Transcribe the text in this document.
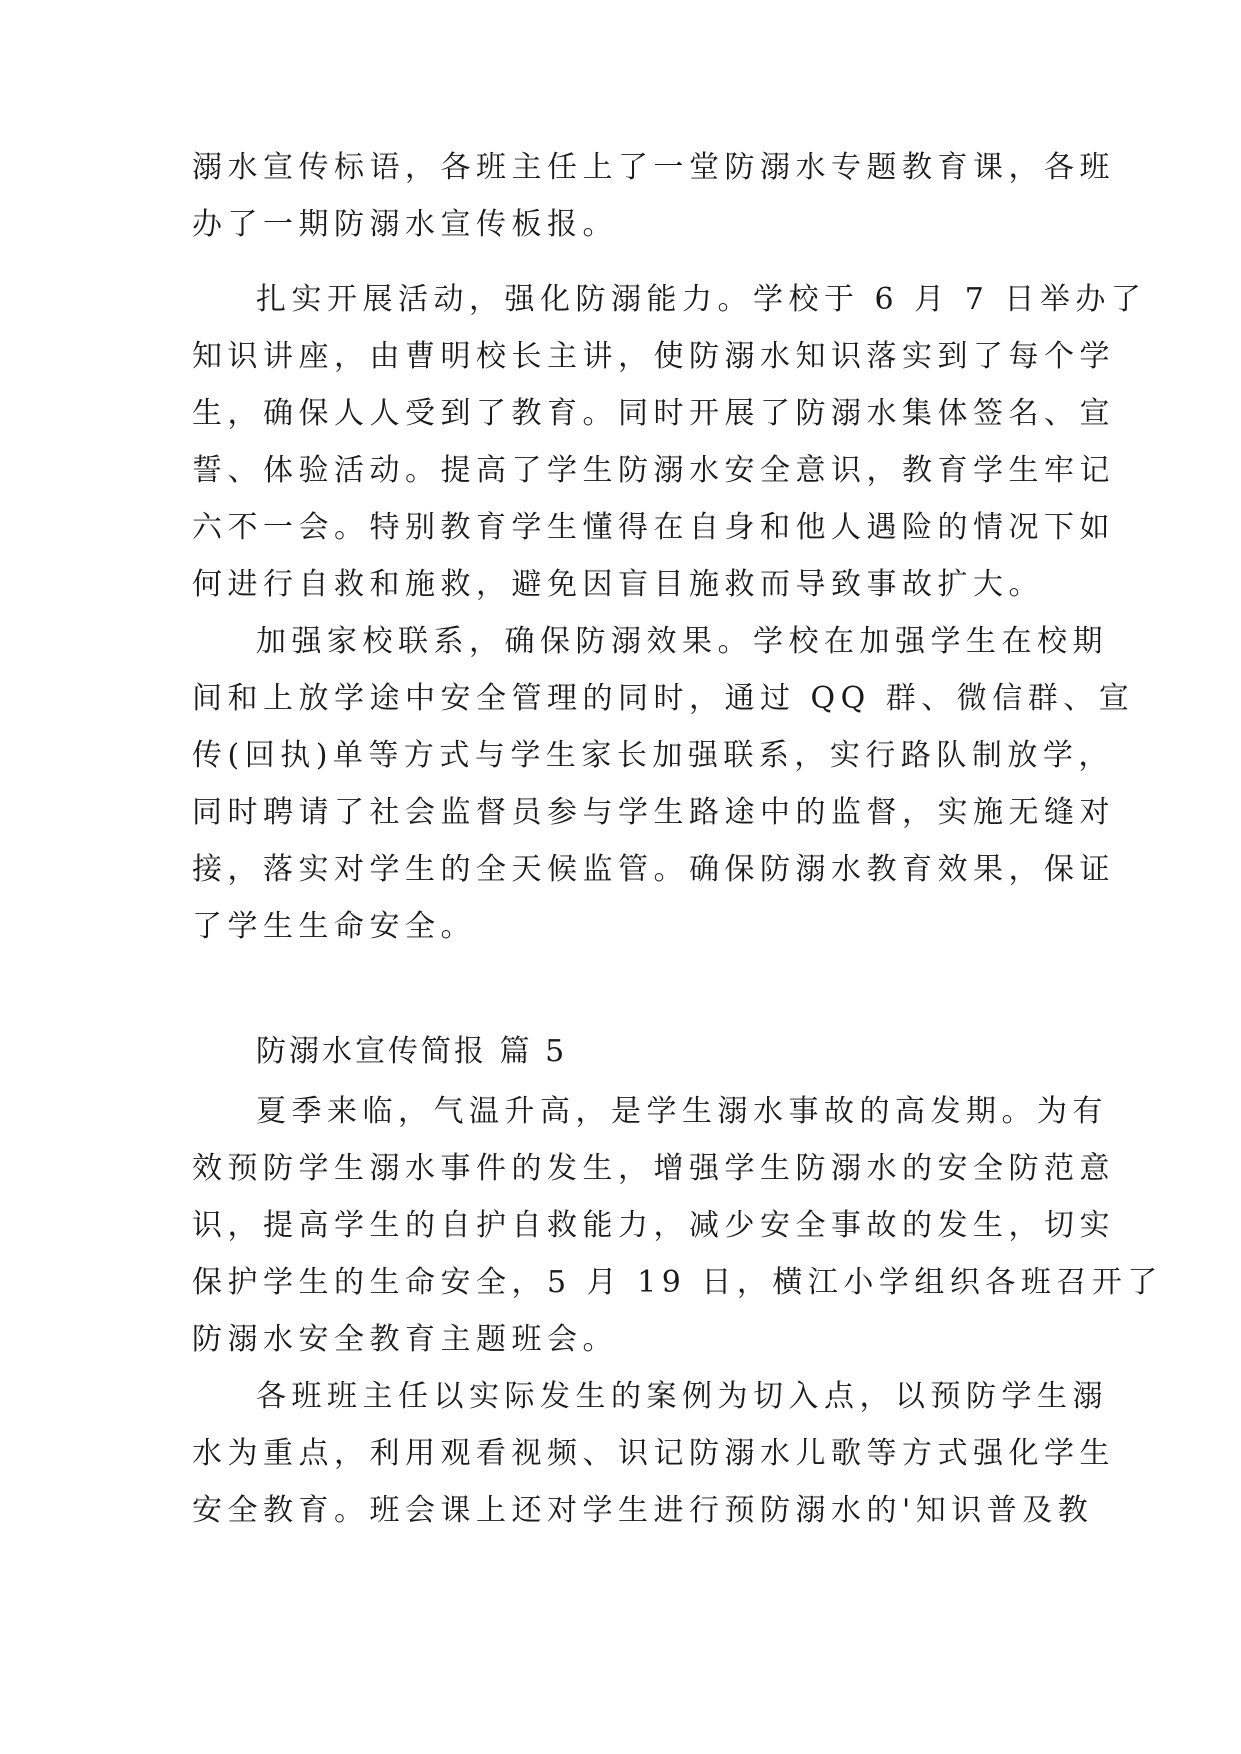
溺水宣传标语，各班主任上了一堂防溺水专题教育课，各班
办了一期防溺水宣传板报。
扎实开展活动，强化防溺能力。学校于 6 月 7 日举办了
知识讲座，由曹明校长主讲，使防溺水知识落实到了每个学
生，确保人人受到了教育。同时开展了防溺水集体签名、宣
誓、体验活动。提高了学生防溺水安全意识，教育学生牢记
六不一会。特别教育学生懂得在自身和他人遇险的情况下如
何进行自救和施救，避免因盲目施救而导致事故扩大。
加强家校联系，确保防溺效果。学校在加强学生在校期
间和上放学途中安全管理的同时，通过 QQ 群、微信群、宣
传(回执)单等方式与学生家长加强联系，实行路队制放学，
同时聘请了社会监督员参与学生路途中的监督，实施无缝对
接，落实对学生的全天候监管。确保防溺水教育效果，保证
了学生生命安全。
防溺水宣传简报 篇 5
夏季来临，气温升高，是学生溺水事故的高发期。为有
效预防学生溺水事件的发生，增强学生防溺水的安全防范意
识，提高学生的自护自救能力，减少安全事故的发生，切实
保护学生的生命安全，5 月 19 日，横江小学组织各班召开了
防溺水安全教育主题班会。
各班班主任以实际发生的案例为切入点，以预防学生溺
水为重点，利用观看视频、识记防溺水儿歌等方式强化学生
安全教育。班会课上还对学生进行预防溺水的'知识普及教
